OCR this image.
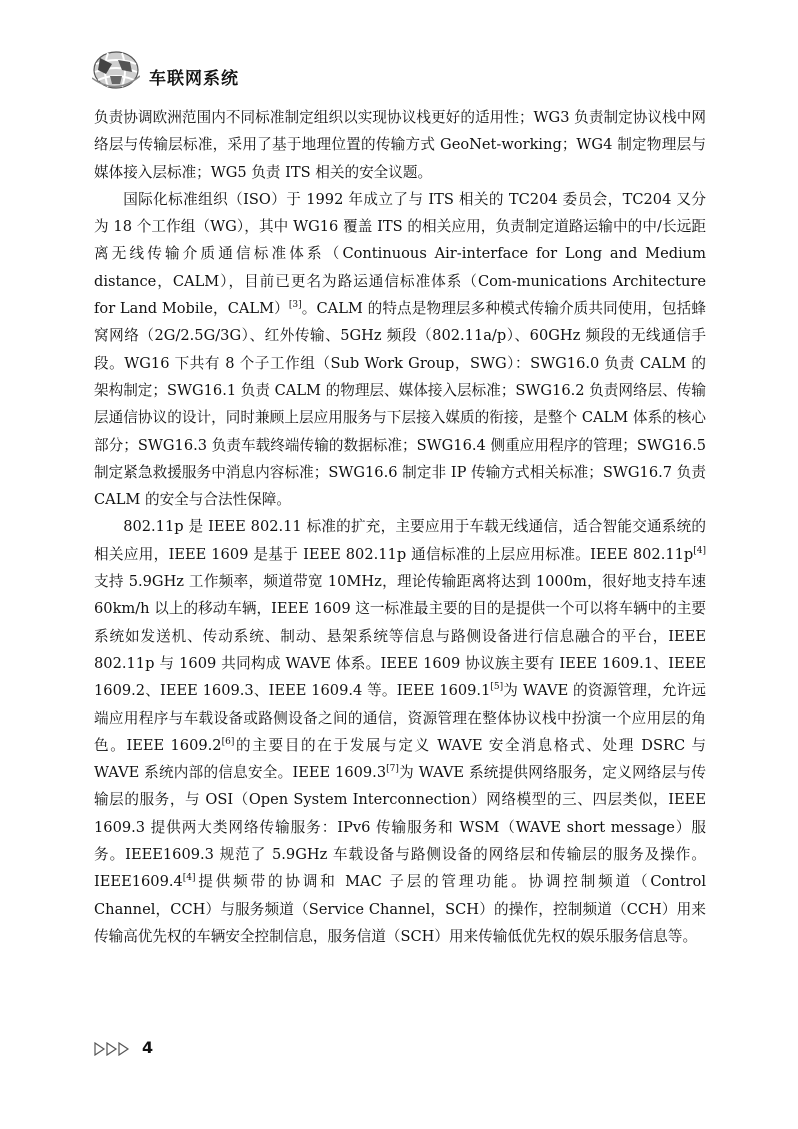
车联网系统

负责协调欧洲范围内不同标准制定组织以实现协议栈更好的适用性；WG3 负责制定协议栈中网络层与传输层标准，采用了基于地理位置的传输方式 GeoNet-working；WG4 制定物理层与媒体接入层标准；WG5 负责 ITS 相关的安全议题。

国际化标准组织（ISO）于 1992 年成立了与 ITS 相关的 TC204 委员会，TC204 又分为 18 个工作组（WG），其中 WG16 覆盖 ITS 的相关应用，负责制定道路运输中的中/长远距离无线传输介质通信标准体系（Continuous Air-interface for Long and Medium distance，CALM），目前已更名为路运通信标准体系（Com-munications Architecture for Land Mobile，CALM）[3]。CALM 的特点是物理层多种模式传输介质共同使用，包括蜂窝网络（2G/2.5G/3G）、红外传输、5GHz 频段（802.11a/p）、60GHz 频段的无线通信手段。WG16 下共有 8 个子工作组（Sub Work Group，SWG）：SWG16.0 负责 CALM 的架构制定；SWG16.1 负责 CALM 的物理层、媒体接入层标准；SWG16.2 负责网络层、传输层通信协议的设计，同时兼顾上层应用服务与下层接入媒质的衔接，是整个 CALM 体系的核心部分；SWG16.3 负责车载终端传输的数据标准；SWG16.4 侧重应用程序的管理；SWG16.5 制定紧急救援服务中消息内容标准；SWG16.6 制定非 IP 传输方式相关标准；SWG16.7 负责 CALM 的安全与合法性保障。

802.11p 是 IEEE 802.11 标准的扩充，主要应用于车载无线通信，适合智能交通系统的相关应用，IEEE 1609 是基于 IEEE 802.11p 通信标准的上层应用标准。IEEE 802.11p[4]支持 5.9GHz 工作频率，频道带宽 10MHz，理论传输距离将达到 1000m，很好地支持车速 60km/h 以上的移动车辆，IEEE 1609 这一标准最主要的目的是提供一个可以将车辆中的主要系统如发送机、传动系统、制动、悬架系统等信息与路侧设备进行信息融合的平台，IEEE 802.11p 与 1609 共同构成 WAVE 体系。IEEE 1609 协议族主要有 IEEE 1609.1、IEEE 1609.2、IEEE 1609.3、IEEE 1609.4 等。IEEE 1609.1[5]为 WAVE 的资源管理，允许远端应用程序与车载设备或路侧设备之间的通信，资源管理在整体协议栈中扮演一个应用层的角色。IEEE 1609.2[6]的主要目的在于发展与定义 WAVE 安全消息格式、处理 DSRC 与 WAVE 系统内部的信息安全。IEEE 1609.3[7]为 WAVE 系统提供网络服务，定义网络层与传输层的服务，与 OSI（Open System Interconnection）网络模型的三、四层类似，IEEE 1609.3 提供两大类网络传输服务：IPv6 传输服务和 WSM（WAVE short message）服务。IEEE1609.3 规范了 5.9GHz 车载设备与路侧设备的网络层和传输层的服务及操作。IEEE1609.4[4]提供频带的协调和 MAC 子层的管理功能。协调控制频道（Control Channel，CCH）与服务频道（Service Channel，SCH）的操作，控制频道（CCH）用来传输高优先权的车辆安全控制信息，服务信道（SCH）用来传输低优先权的娱乐服务信息等。

4
